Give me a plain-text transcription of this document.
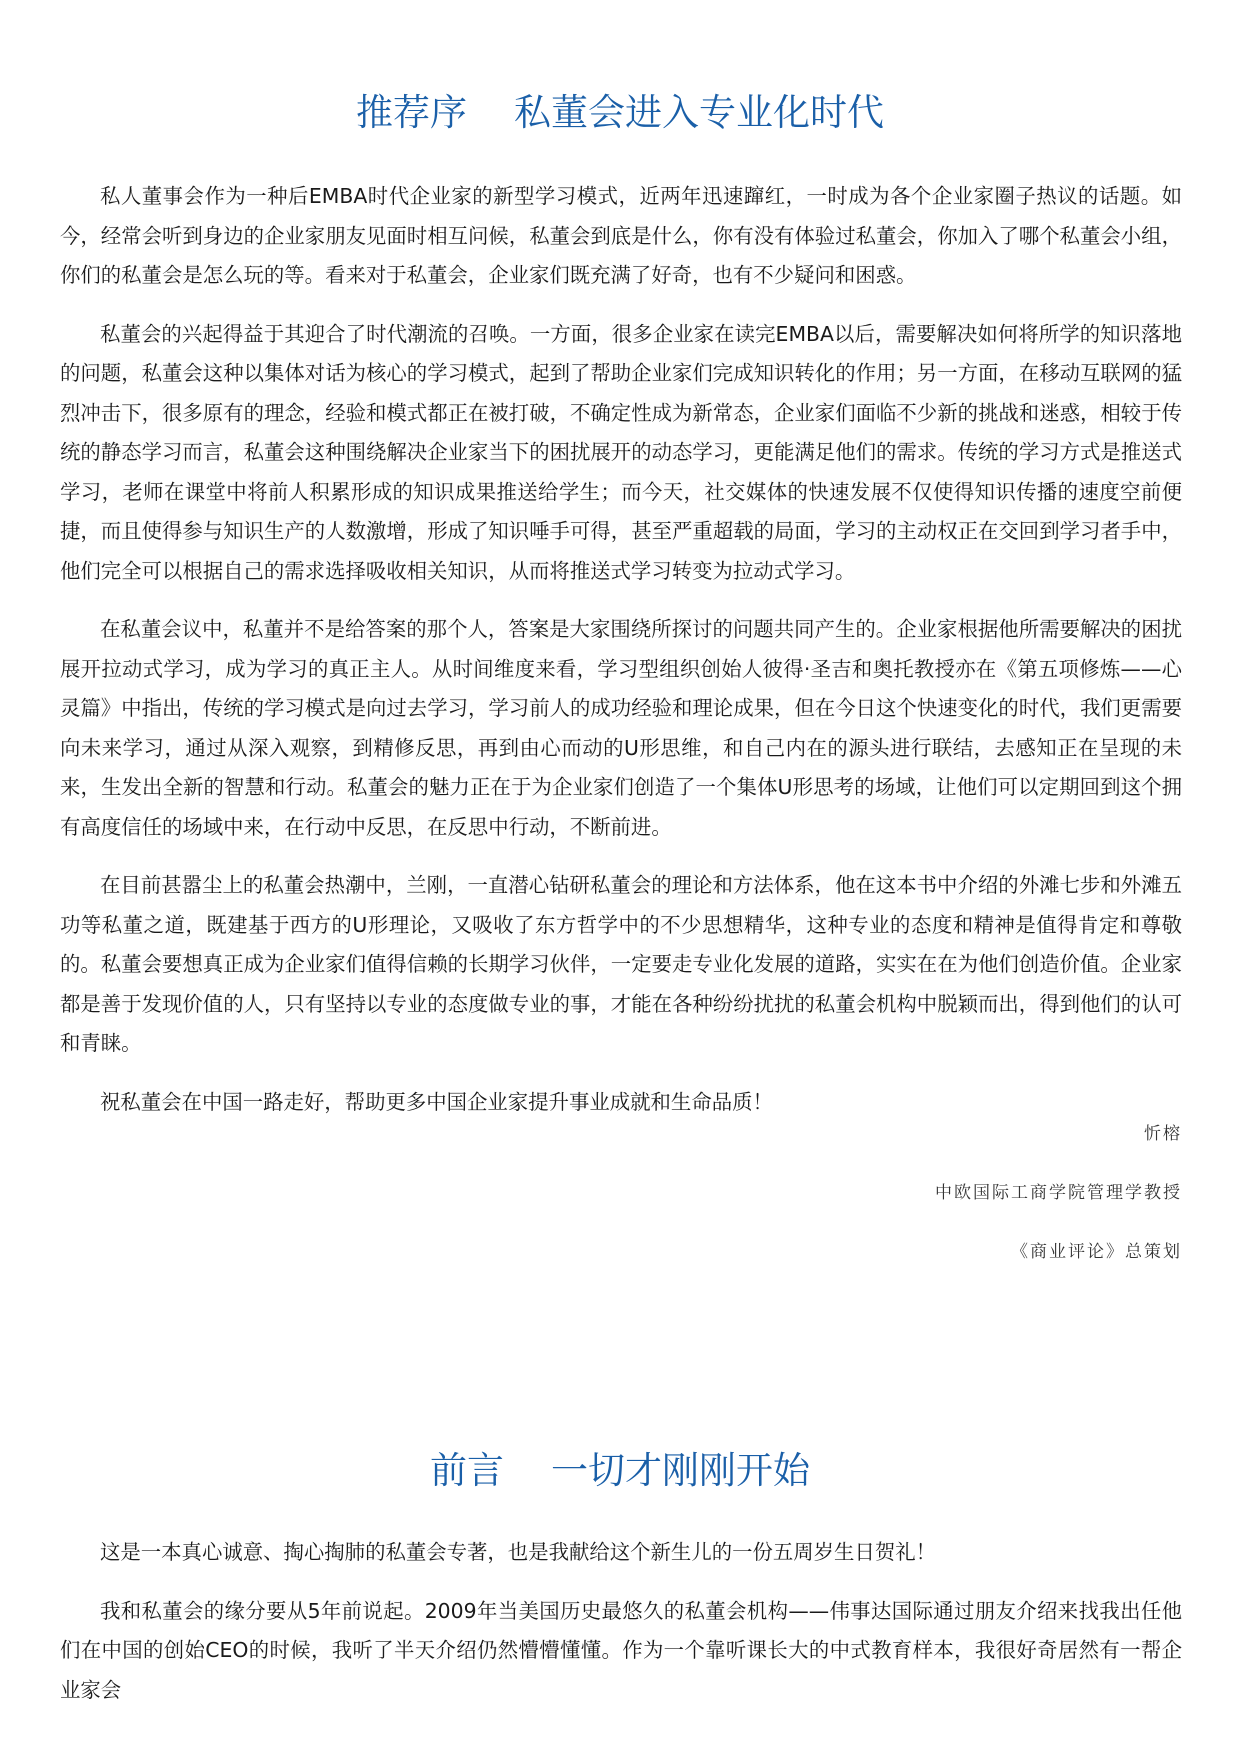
推荐序    私董会进入专业化时代

私人董事会作为一种后EMBA时代企业家的新型学习模式，近两年迅速蹿红，一时成为各个企业家圈子热议的话题。如今，经常会听到身边的企业家朋友见面时相互问候，私董会到底是什么，你有没有体验过私董会，你加入了哪个私董会小组，你们的私董会是怎么玩的等。看来对于私董会，企业家们既充满了好奇，也有不少疑问和困惑。

私董会的兴起得益于其迎合了时代潮流的召唤。一方面，很多企业家在读完EMBA以后，需要解决如何将所学的知识落地的问题，私董会这种以集体对话为核心的学习模式，起到了帮助企业家们完成知识转化的作用；另一方面，在移动互联网的猛烈冲击下，很多原有的理念，经验和模式都正在被打破，不确定性成为新常态，企业家们面临不少新的挑战和迷惑，相较于传统的静态学习而言，私董会这种围绕解决企业家当下的困扰展开的动态学习，更能满足他们的需求。传统的学习方式是推送式学习，老师在课堂中将前人积累形成的知识成果推送给学生；而今天，社交媒体的快速发展不仅使得知识传播的速度空前便捷，而且使得参与知识生产的人数激增，形成了知识唾手可得，甚至严重超载的局面，学习的主动权正在交回到学习者手中，他们完全可以根据自己的需求选择吸收相关知识，从而将推送式学习转变为拉动式学习。

在私董会议中，私董并不是给答案的那个人，答案是大家围绕所探讨的问题共同产生的。企业家根据他所需要解决的困扰展开拉动式学习，成为学习的真正主人。从时间维度来看，学习型组织创始人彼得·圣吉和奥托教授亦在《第五项修炼——心灵篇》中指出，传统的学习模式是向过去学习，学习前人的成功经验和理论成果，但在今日这个快速变化的时代，我们更需要向未来学习，通过从深入观察，到精修反思，再到由心而动的U形思维，和自己内在的源头进行联结，去感知正在呈现的未来，生发出全新的智慧和行动。私董会的魅力正在于为企业家们创造了一个集体U形思考的场域，让他们可以定期回到这个拥有高度信任的场域中来，在行动中反思，在反思中行动，不断前进。

在目前甚嚣尘上的私董会热潮中，兰刚，一直潜心钻研私董会的理论和方法体系，他在这本书中介绍的外滩七步和外滩五功等私董之道，既建基于西方的U形理论，又吸收了东方哲学中的不少思想精华，这种专业的态度和精神是值得肯定和尊敬的。私董会要想真正成为企业家们值得信赖的长期学习伙伴，一定要走专业化发展的道路，实实在在为他们创造价值。企业家都是善于发现价值的人，只有坚持以专业的态度做专业的事，才能在各种纷纷扰扰的私董会机构中脱颖而出，得到他们的认可和青睐。

祝私董会在中国一路走好，帮助更多中国企业家提升事业成就和生命品质！

忻榕
中欧国际工商学院管理学教授
《商业评论》总策划
前言    一切才刚刚开始

这是一本真心诚意、掏心掏肺的私董会专著，也是我献给这个新生儿的一份五周岁生日贺礼！

我和私董会的缘分要从5年前说起。2009年当美国历史最悠久的私董会机构——伟事达国际通过朋友介绍来找我出任他们在中国的创始CEO的时候，我听了半天介绍仍然懵懵懂懂。作为一个靠听课长大的中式教育样本，我很好奇居然有一帮企业家会
